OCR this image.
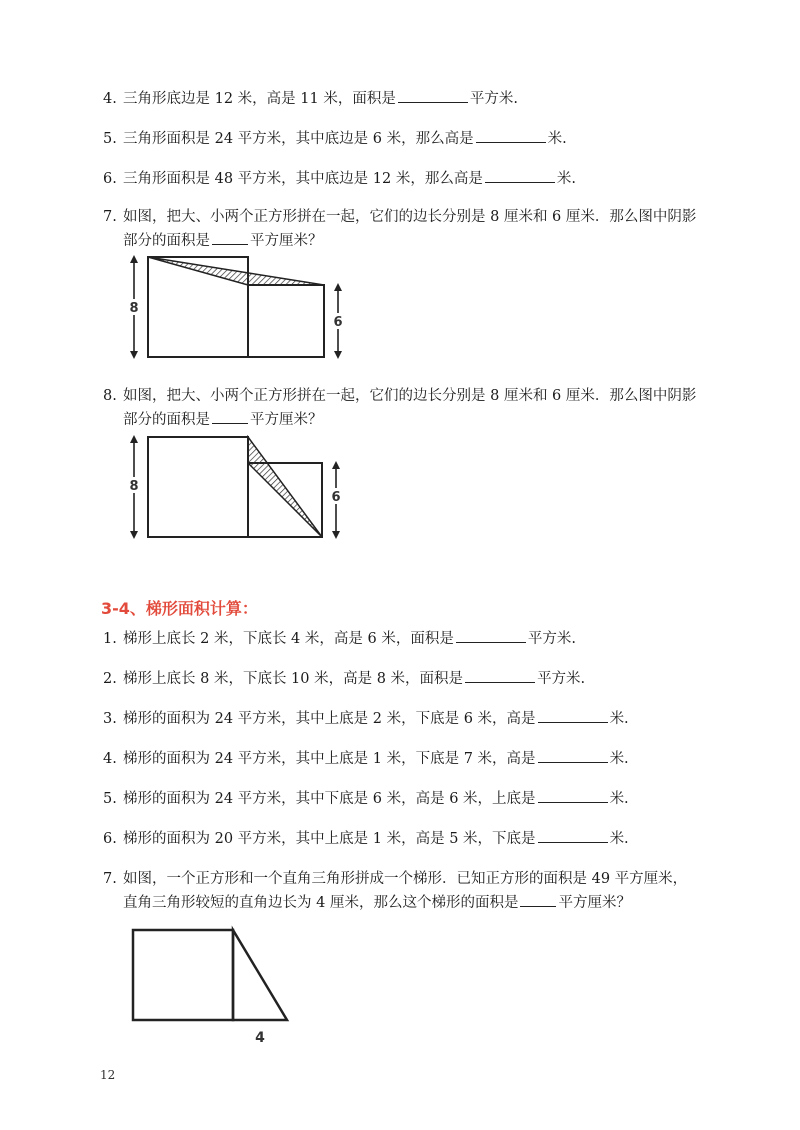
4. 三角形底边是 12 米，高是 11 米，面积是	平方米.
5. 三角形面积是 24 平方米，其中底边是 6 米，那么高是	米.
6. 三角形面积是 48 平方米，其中底边是 12 米，那么高是	米.
7. 如图，把大、小两个正方形拼在一起，它们的边长分别是 8 厘米和 6 厘米．那么图中阴影
部分的面积是	平方厘米？
8
6
8. 如图，把大、小两个正方形拼在一起，它们的边长分别是 8 厘米和 6 厘米．那么图中阴影
部分的面积是	平方厘米？
8
6
3-4、梯形面积计算：
1. 梯形上底长 2 米，下底长 4 米，高是 6 米，面积是	平方米.
2. 梯形上底长 8 米，下底长 10 米，高是 8 米，面积是	平方米.
3. 梯形的面积为 24 平方米，其中上底是 2 米，下底是 6 米，高是	米.
4. 梯形的面积为 24 平方米，其中上底是 1 米，下底是 7 米，高是	米.
5. 梯形的面积为 24 平方米，其中下底是 6 米，高是 6 米，上底是	米.
6. 梯形的面积为 20 平方米，其中上底是 1 米，高是 5 米，下底是	米.
7. 如图，一个正方形和一个直角三角形拼成一个梯形．已知正方形的面积是 49 平方厘米，
直角三角形较短的直角边长为 4 厘米，那么这个梯形的面积是	平方厘米？
4
12
